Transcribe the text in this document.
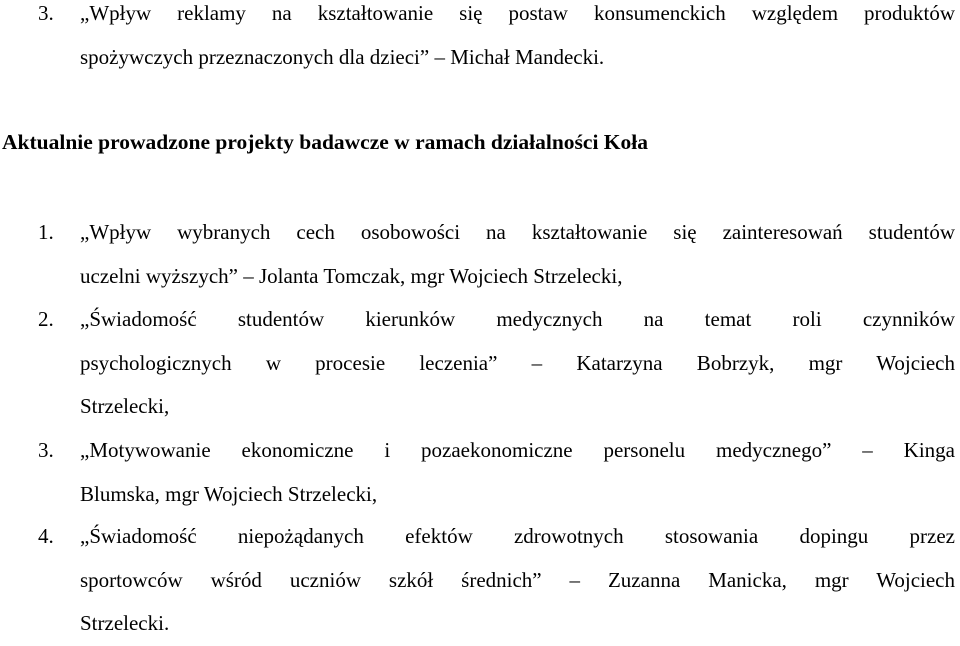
3.	„Wpływ reklamy na kształtowanie się postaw konsumenckich względem produktów
spożywczych przeznaczonych dla dzieci” – Michał Mandecki.
Aktualnie prowadzone projekty badawcze w ramach działalności Koła
1.	„Wpływ wybranych cech osobowości na kształtowanie się zainteresowań studentów
uczelni wyższych” – Jolanta Tomczak, mgr Wojciech Strzelecki,
2.	„Świadomość studentów kierunków medycznych na temat roli czynników
psychologicznych w procesie leczenia” – Katarzyna Bobrzyk, mgr Wojciech
Strzelecki,
3.	„Motywowanie ekonomiczne i pozaekonomiczne personelu medycznego” – Kinga
Blumska, mgr Wojciech Strzelecki,
4.	„Świadomość niepożądanych efektów zdrowotnych stosowania dopingu przez
sportowców wśród uczniów szkół średnich” – Zuzanna Manicka, mgr Wojciech
Strzelecki.
